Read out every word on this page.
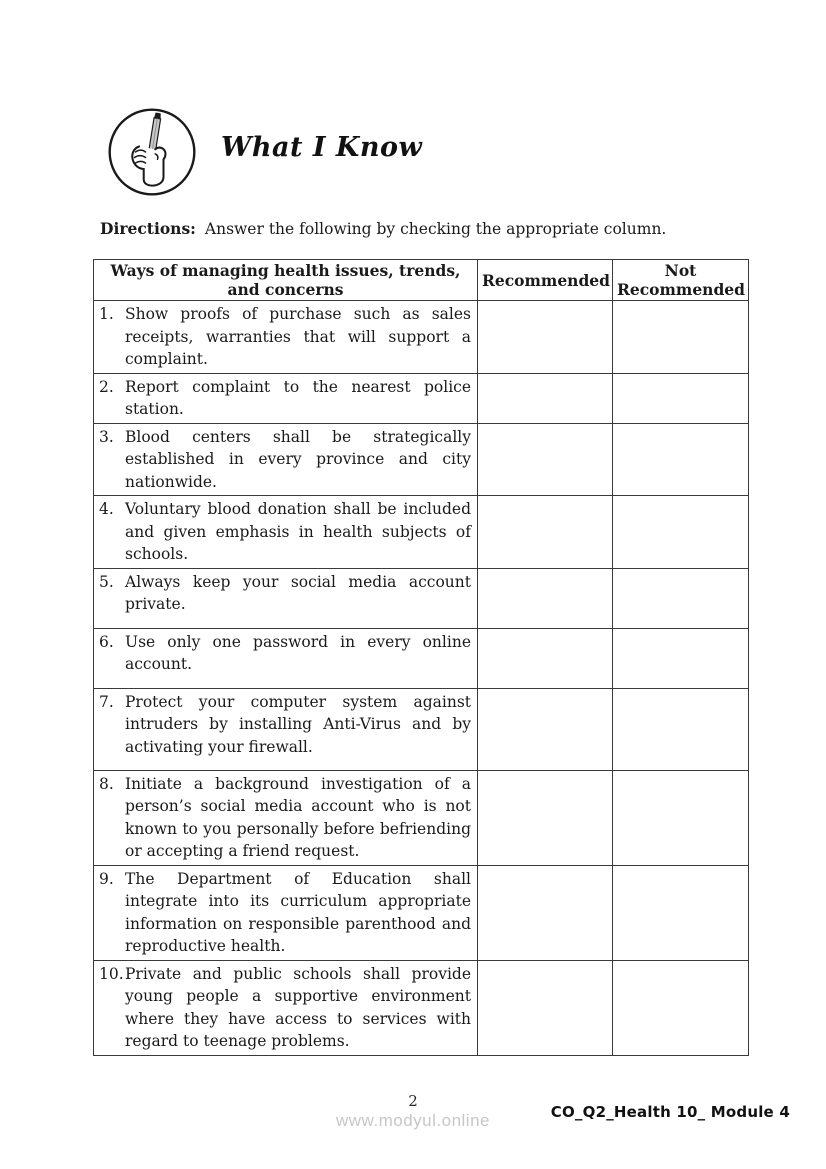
What I Know
Directions: Answer the following by checking the appropriate column.
Ways of managing health issues, trends, and concerns	Recommended	Not Recommended

1. Show proofs of purchase such as sales receipts, warranties that will support a complaint.		

2. Report complaint to the nearest police station.		

3. Blood centers shall be strategically established in every province and city nationwide.		

4. Voluntary blood donation shall be included and given emphasis in health subjects of schools.		

5. Always keep your social media account private.		

6. Use only one password in every online account.		

7. Protect your computer system against intruders by installing Anti-Virus and by activating your firewall.		

8. Initiate a background investigation of a person’s social media account who is not known to you personally before befriending or accepting a friend request.		

9. The Department of Education shall integrate into its curriculum appropriate information on responsible parenthood and reproductive health.		

10. Private and public schools shall provide young people a supportive environment where they have access to services with regard to teenage problems.		

2
www.modyul.online	CO_Q2_Health 10_ Module 4
